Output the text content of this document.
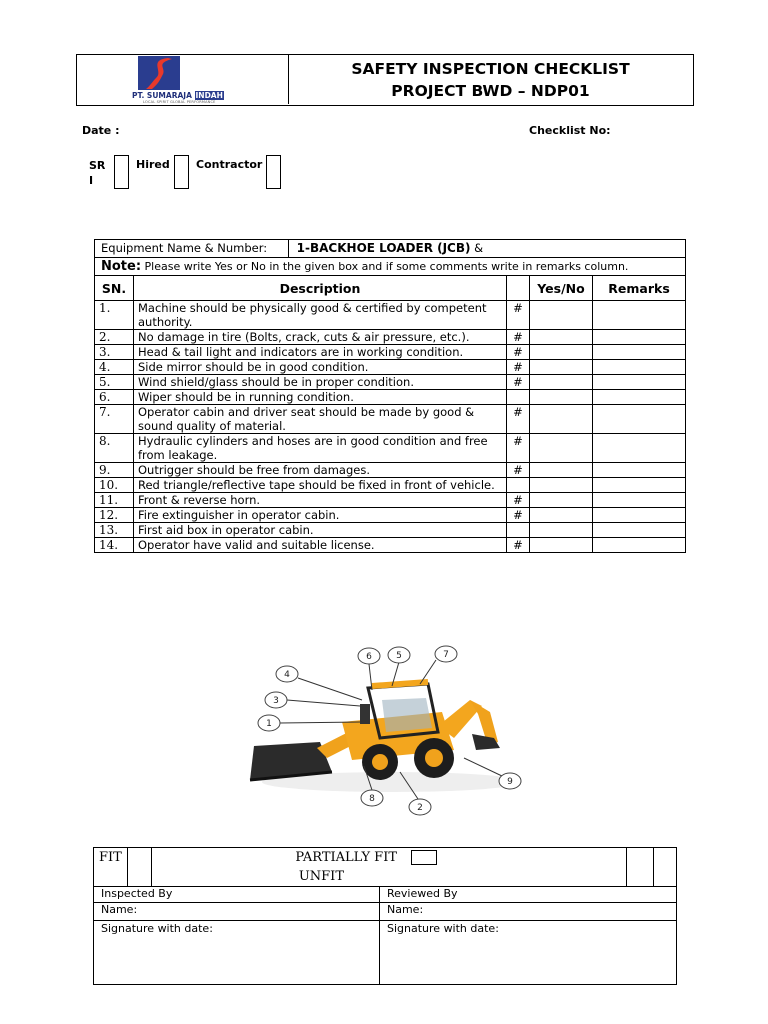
PT. SUMARAJA INDAH
LOCAL SPIRIT GLOBAL PERFORMANCE
SAFETY INSPECTION CHECKLIST
PROJECT BWD – NDP01
Date :	Checklist No:
SR I
Hired Contractor
Equipment Name & Number: 1-BACKHOE LOADER (JCB) &				
Note: Please write Yes or No in the given box and if some comments write in remarks column.				
SN.	Description		Yes/No	Remarks
1.	Machine should be physically good & certified by competent authority.	#		
2.	No damage in tire (Bolts, crack, cuts & air pressure, etc.).	#		
3.	Head & tail light and indicators are in working condition.	#		
4.	Side mirror should be in good condition.	#		
5.	Wind shield/glass should be in proper condition.	#		
6.	Wiper should be in running condition.			
7.	Operator cabin and driver seat should be made by good & sound quality of material.	#		
8.	Hydraulic cylinders and hoses are in good condition and free from leakage.	#		
9.	Outrigger should be free from damages.	#		
10.	Red triangle/reflective tape should be fixed in front of vehicle.			
11.	Front & reverse horn.	#		
12.	Fire extinguisher in operator cabin.	#		
13.	First aid box in operator cabin.			
14.	Operator have valid and suitable license.	#		
1
2
3
4
5
6	7
8
9
FIT		PARTIALLY FIT  UNFIT			
Inspected By			Reviewed By		
Name:			Name:		
Signature with date:			Signature with date:		
